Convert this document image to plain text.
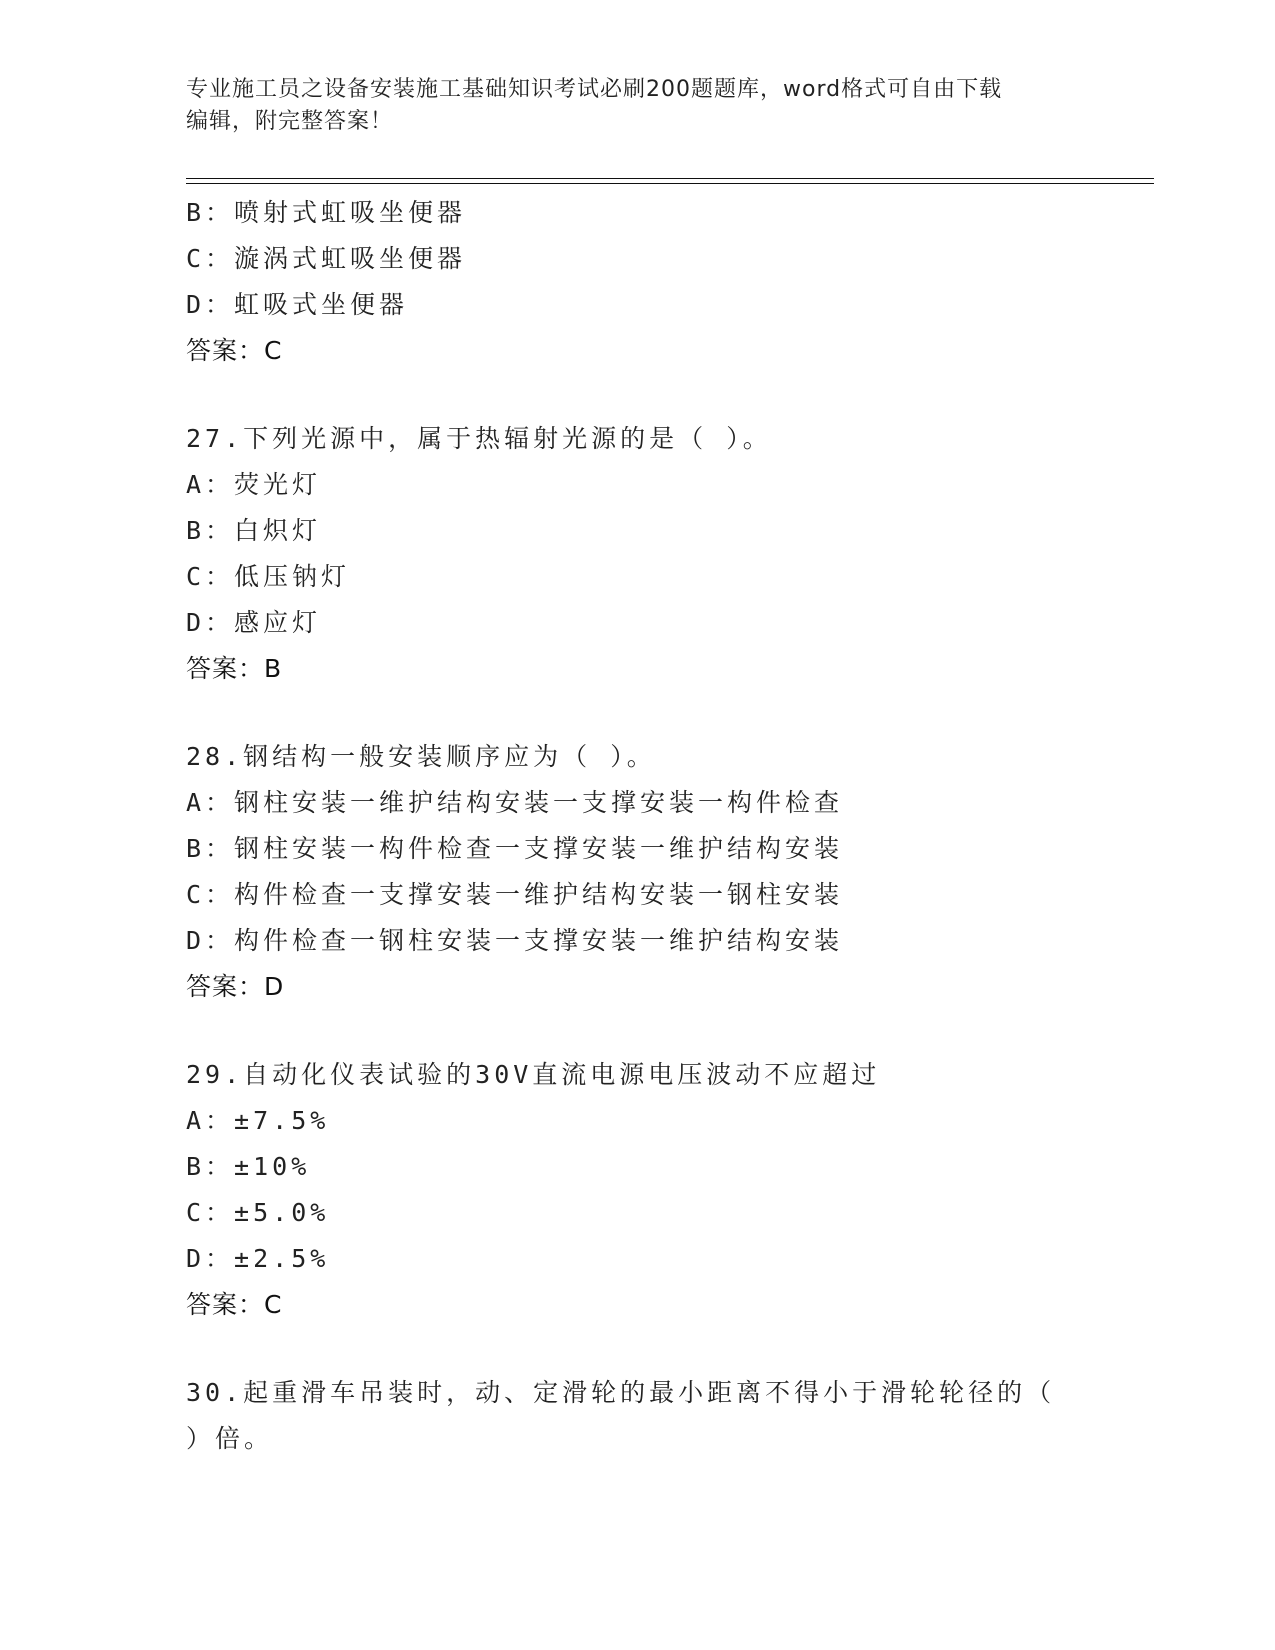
专业施工员之设备安装施工基础知识考试必刷200题题库，word格式可自由下载
编辑，附完整答案！
B：喷射式虹吸坐便器
C：漩涡式虹吸坐便器
D：虹吸式坐便器
答案：C
27.下列光源中，属于热辐射光源的是（ ）。
A：荧光灯
B：白炽灯
C：低压钠灯
D：感应灯
答案：B
28.钢结构一般安装顺序应为（ ）。
A：钢柱安装一维护结构安装一支撑安装一构件检查
B：钢柱安装一构件检查一支撑安装一维护结构安装
C：构件检查一支撑安装一维护结构安装一钢柱安装
D：构件检查一钢柱安装一支撑安装一维护结构安装
答案：D
29.自动化仪表试验的30V直流电源电压波动不应超过
A：±7.5%
B：±10%
C：±5.0%
D：±2.5%
答案：C
30.起重滑车吊装时，动、定滑轮的最小距离不得小于滑轮轮径的（
）倍。
